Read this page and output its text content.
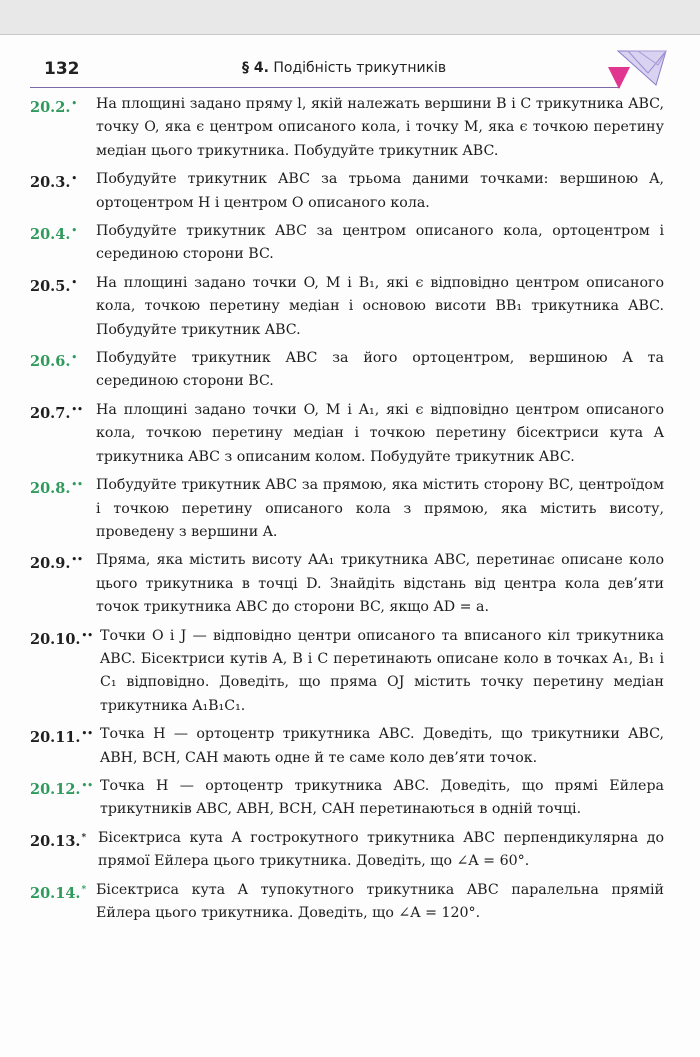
132	§ 4. Подібність трикутників
20.2.•	На площині задано пряму l, якій належать вершини B і C трикутника ABC, точку O, яка є центром описаного кола, і точку M, яка є точкою перетину медіан цього трикутника. Побудуйте трикутник ABC.
20.3.•	Побудуйте трикутник ABC за трьома даними точками: вершиною A, ортоцентром H і центром O описаного кола.
20.4.•	Побудуйте трикутник ABC за центром описаного кола, ортоцентром і серединою сторони BC.
20.5.•	На площині задано точки O, M і B₁, які є відповідно центром описаного кола, точкою перетину медіан і основою висоти BB₁ трикутника ABC. Побудуйте трикутник ABC.
20.6.•	Побудуйте трикутник ABC за його ортоцентром, вершиною A та серединою сторони BC.
20.7.•• На площині задано точки O, M і A₁, які є відповідно центром описаного кола, точкою перетину медіан і точкою перетину бісектриси кута A трикутника ABC з описаним колом. Побудуйте трикутник ABC.
20.8.•• Побудуйте трикутник ABC за прямою, яка містить сторону BC, центроїдом і точкою перетину описаного кола з прямою, яка містить висоту, проведену з вершини A.
20.9.•• Пряма, яка містить висоту AA₁ трикутника ABC, перетинає описане коло цього трикутника в точці D. Знайдіть відстань від центра кола дев’яти точок трикутника ABC до сторони BC, якщо AD = a.
20.10.•• Точки O і J — відповідно центри описаного та вписаного кіл трикутника ABC. Бісектриси кутів A, B і C перетинають описане коло в точках A₁, B₁ і C₁ відповідно. Доведіть, що пряма OJ містить точку перетину медіан трикутника A₁B₁C₁.
20.11.•• Точка H — ортоцентр трикутника ABC. Доведіть, що трикутники ABC, ABH, BCH, CAH мають одне й те саме коло дев’яти точок.
20.12.•• Точка H — ортоцентр трикутника ABC. Доведіть, що прямі Ейлера трикутників ABC, ABH, BCH, CAH перетинаються в одній точці.
20.13.* Бісектриса кута A гострокутного трикутника ABC перпендикулярна до прямої Ейлера цього трикутника. Доведіть, що ∠A = 60°.
20.14.* Бісектриса кута A тупокутного трикутника ABC паралельна прямій Ейлера цього трикутника. Доведіть, що ∠A = 120°.
